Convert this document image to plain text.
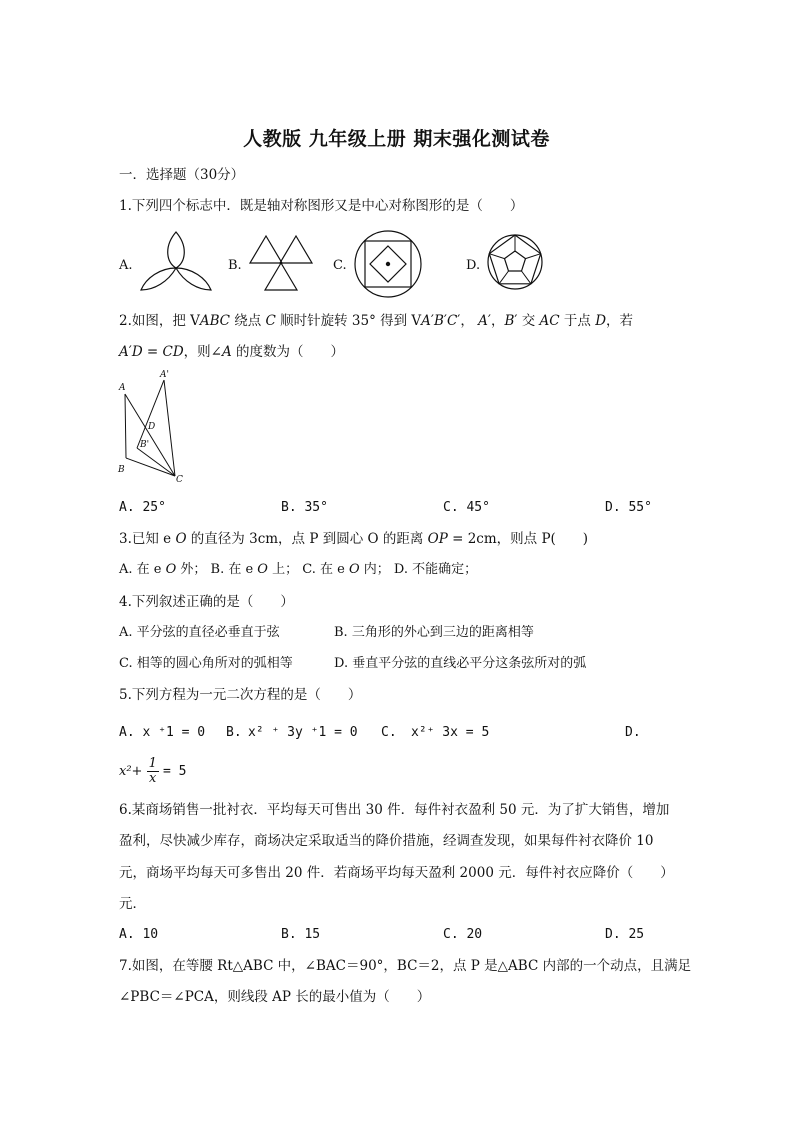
人教版 九年级上册 期末强化测试卷
一．选择题（30分）
1.下列四个标志中．既是轴对称图形又是中心对称图形的是（　　）
A.	B.	C.	D.
2.如图，把 V𝐴𝐵𝐶 绕点 𝐶 顺时针旋转 35° 得到 V𝐴′𝐵′𝐶′， 𝐴′，𝐵′ 交 𝐴𝐶 于点 𝐷，若
𝐴′𝐷 = 𝐶𝐷，则∠𝐴 的度数为（　　）
A
A'
D
B'
B
C
A. 25°	B. 35°	C. 45°	D. 55°
3.已知 e 𝑂 的直径为 3cm，点 P 到圆心 O 的距离 𝑂𝑃 = 2cm，则点 P(　　)
A. 在 e 𝑂 外； B. 在 e 𝑂 上； C. 在 e 𝑂 内； D. 不能确定；
4.下列叙述正确的是（　　）
A. 平分弦的直径必垂直于弦	B. 三角形的外心到三边的距离相等
C. 相等的圆心角所对的弧相等	D. 垂直平分弦的直线必平分这条弦所对的弧
5.下列方程为一元二次方程的是（　　）
A. x ⁺1 = 0 B. x² ⁺ 3y ⁺1 = 0 C. x²⁺ 3x = 5	D.
$x^2+ \frac{1}{x} = 5$
6.某商场销售一批衬衣．平均每天可售出 30 件．每件衬衣盈利 50 元．为了扩大销售，增加
盈利，尽快减少库存，商场决定采取适当的降价措施，经调查发现，如果每件衬衣降价 10
元，商场平均每天可多售出 20 件．若商场平均每天盈利 2000 元．每件衬衣应降价（　　）
元．
A. 10	B. 15	C. 20	D. 25
7.如图，在等腰 Rt△ABC 中，∠BAC＝90°，BC＝2，点 P 是△ABC 内部的一个动点，且满足
∠PBC＝∠PCA，则线段 AP 长的最小值为（　　）
